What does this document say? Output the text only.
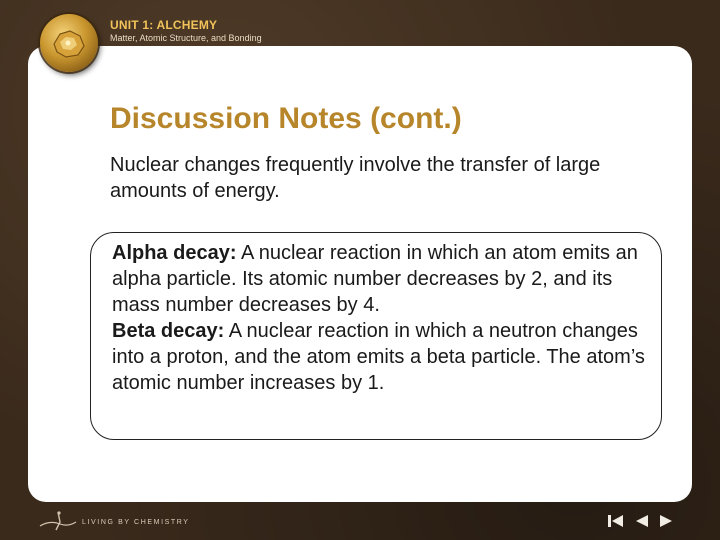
UNIT 1: ALCHEMY
Matter, Atomic Structure, and Bonding
Discussion Notes (cont.)
Nuclear changes frequently involve the transfer of large amounts of energy.
Alpha decay: A nuclear reaction in which an atom emits an alpha particle. Its atomic number decreases by 2, and its mass number decreases by 4.
Beta decay: A nuclear reaction in which a neutron changes into a proton, and the atom emits a beta particle. The atom’s atomic number increases by 1.
LIVING BY CHEMISTRY
